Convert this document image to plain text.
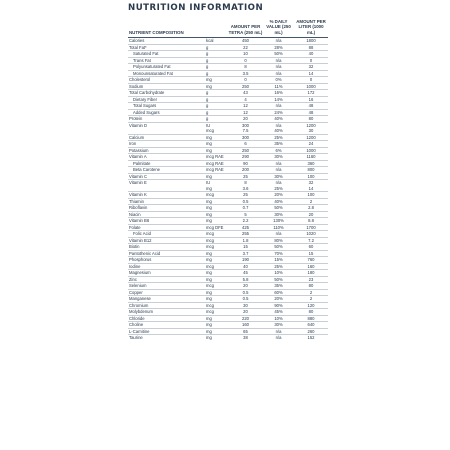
NUTRITION INFORMATION
NUTRIENT COMPOSITION		AMOUNT PER TETRA (250 mL)	% DAILY VALUE (250 mL)	AMOUNT PER LITER (1000 mL)
Calories	kcal	450	n/a	1800
Total Fat*	g	22	28%	88
Saturated Fat	g	10	50%	40
Trans Fat	g	0	n/a	0
Polyunsaturated Fat	g	8	n/a	32
Monounsaturated Fat	g	3.5	n/a	14
Cholesterol	mg	0	0%	0
Sodium	mg	250	11%	1000
Total Carbohydrate	g	43	16%	172
Dietary Fiber	g	4	14%	16
Total Sugars	g	12	n/a	48
Added Sugars	g	12	24%	48
Protein	g	20	40%	80
Vitamin D	IU	300	n/a	1200
	mcg	7.5	40%	30
Calcium	mg	300	25%	1200
Iron	mg	6	35%	24
Potassium	mg	250	6%	1000
Vitamin A	mcg RAE	290	30%	1160
Palmitate	mcg RAE	90	n/a	360
Beta Carotene	mcg RAE	200	n/a	800
Vitamin C	mg	25	30%	100
Vitamin E	IU	8	n/a	32
	mg	3.6	25%	14
Vitamin K	mcg	25	20%	100
Thiamin	mg	0.5	40%	2
Riboflavin	mg	0.7	50%	2.8
Niacin	mg	5	30%	20
Vitamin B6	mg	2.2	130%	8.8
Folate	mcg DFE	425	110%	1700
Folic Acid	mcg	255	n/a	1020
Vitamin B12	mcg	1.8	80%	7.2
Biotin	mcg	15	50%	60
Pantothenic Acid	mg	3.7	70%	15
Phosphorus	mg	190	15%	760
Iodine	mcg	40	25%	160
Magnesium	mg	45	10%	180
Zinc	mg	5.8	50%	23
Selenium	mcg	20	35%	80
Copper	mg	0.5	60%	2
Manganese	mg	0.5	20%	2
Chromium	mcg	30	90%	120
Molybdenum	mcg	20	45%	80
Chloride	mg	220	10%	880
Choline	mg	160	30%	640
L-Carnitine	mg	65	n/a	260
Taurine	mg	38	n/a	152
